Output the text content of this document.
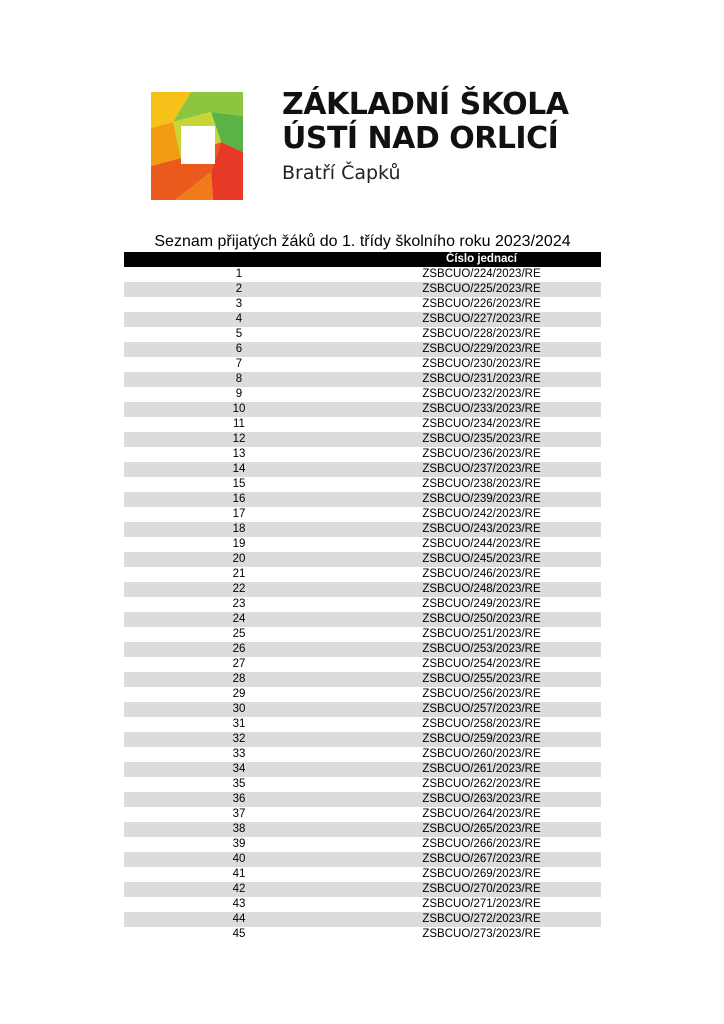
ZÁKLADNÍ ŠKOLA
ÚSTÍ NAD ORLICÍ
Bratří Čapků
Seznam přijatých žáků do 1. třídy školního roku 2023/2024
Číslo jednací
1	ZSBCUO/224/2023/RE
2	ZSBCUO/225/2023/RE
3	ZSBCUO/226/2023/RE
4	ZSBCUO/227/2023/RE
5	ZSBCUO/228/2023/RE
6	ZSBCUO/229/2023/RE
7	ZSBCUO/230/2023/RE
8	ZSBCUO/231/2023/RE
9	ZSBCUO/232/2023/RE
10	ZSBCUO/233/2023/RE
11	ZSBCUO/234/2023/RE
12	ZSBCUO/235/2023/RE
13	ZSBCUO/236/2023/RE
14	ZSBCUO/237/2023/RE
15	ZSBCUO/238/2023/RE
16	ZSBCUO/239/2023/RE
17	ZSBCUO/242/2023/RE
18	ZSBCUO/243/2023/RE
19	ZSBCUO/244/2023/RE
20	ZSBCUO/245/2023/RE
21	ZSBCUO/246/2023/RE
22	ZSBCUO/248/2023/RE
23	ZSBCUO/249/2023/RE
24	ZSBCUO/250/2023/RE
25	ZSBCUO/251/2023/RE
26	ZSBCUO/253/2023/RE
27	ZSBCUO/254/2023/RE
28	ZSBCUO/255/2023/RE
29	ZSBCUO/256/2023/RE
30	ZSBCUO/257/2023/RE
31	ZSBCUO/258/2023/RE
32	ZSBCUO/259/2023/RE
33	ZSBCUO/260/2023/RE
34	ZSBCUO/261/2023/RE
35	ZSBCUO/262/2023/RE
36	ZSBCUO/263/2023/RE
37	ZSBCUO/264/2023/RE
38	ZSBCUO/265/2023/RE
39	ZSBCUO/266/2023/RE
40	ZSBCUO/267/2023/RE
41	ZSBCUO/269/2023/RE
42	ZSBCUO/270/2023/RE
43	ZSBCUO/271/2023/RE
44	ZSBCUO/272/2023/RE
45	ZSBCUO/273/2023/RE
